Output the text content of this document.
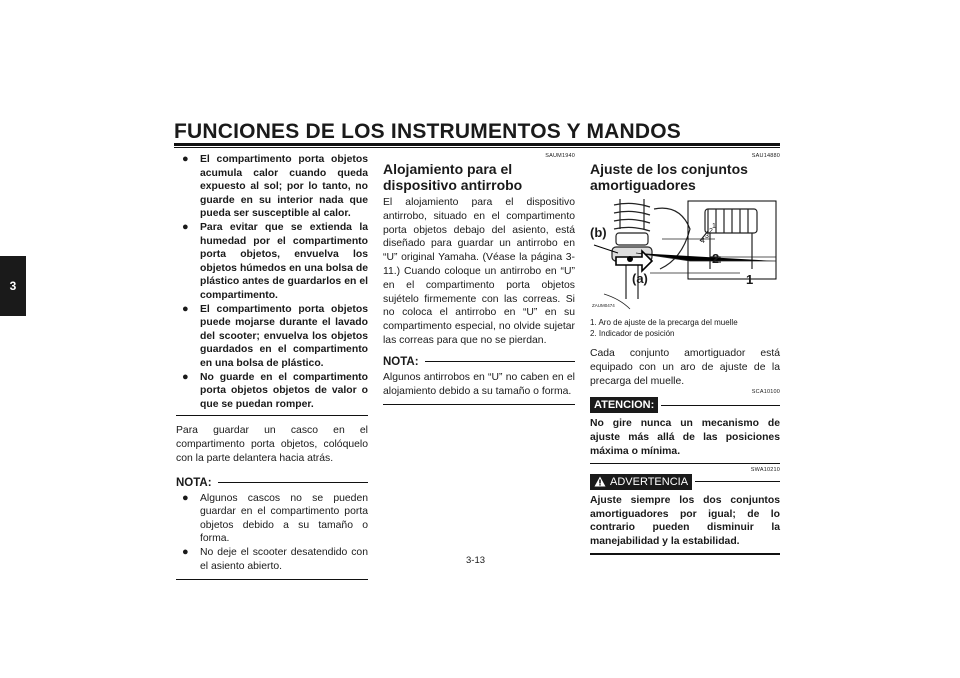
FUNCIONES DE LOS INSTRUMENTOS Y MANDOS
3
● El compartimento porta objetos acumula calor cuando queda expuesto al sol; por lo tanto, no guarde en su interior nada que pueda ser susceptible al calor.
● Para evitar que se extienda la humedad por el compartimento porta objetos, envuelva los objetos húmedos en una bolsa de plástico antes de guardarlos en el compartimento.
● El compartimento porta objetos puede mojarse durante el lavado del scooter; envuelva los objetos guardados en el compartimento en una bolsa de plástico.
● No guarde en el compartimento porta objetos objetos de valor o que se puedan romper.
Para guardar un casco en el compartimento porta objetos, colóquelo con la parte delantera hacia atrás.
NOTA:
● Algunos cascos no se pueden guardar en el compartimento porta objetos debido a su tamaño o forma.
● No deje el scooter desatendido con el asiento abierto.
SAUM1940
Alojamiento para el dispositivo antirrobo
El alojamiento para el dispositivo antirrobo, situado en el compartimento porta objetos debajo del asiento, está diseñado para guardar un antirrobo en “U” original Yamaha. (Véase la página 3-11.) Cuando coloque un antirrobo en “U” en el compartimento porta objetos sujételo firmemente con las correas. Si no coloca el antirrobo en “U” en su compartimento especial, no olvide sujetar las correas para que no se pierdan.
NOTA:
Algunos antirrobos en “U” no caben en el alojamiento debido a su tamaño o forma.
SAU14880
Ajuste de los conjuntos amortiguadores
(b)
(a)
2
1
1
2
3
4
ZAUM0474
1. Aro de ajuste de la precarga del muelle
2. Indicador de posición
Cada conjunto amortiguador está equipado con un aro de ajuste de la precarga del muelle.
SCA10100
ATENCION:
No gire nunca un mecanismo de ajuste más allá de las posiciones máxima o mínima.
SWA10210
ADVERTENCIA
Ajuste siempre los dos conjuntos amortiguadores por igual; de lo contrario pueden disminuir la manejabilidad y la estabilidad.
3-13
